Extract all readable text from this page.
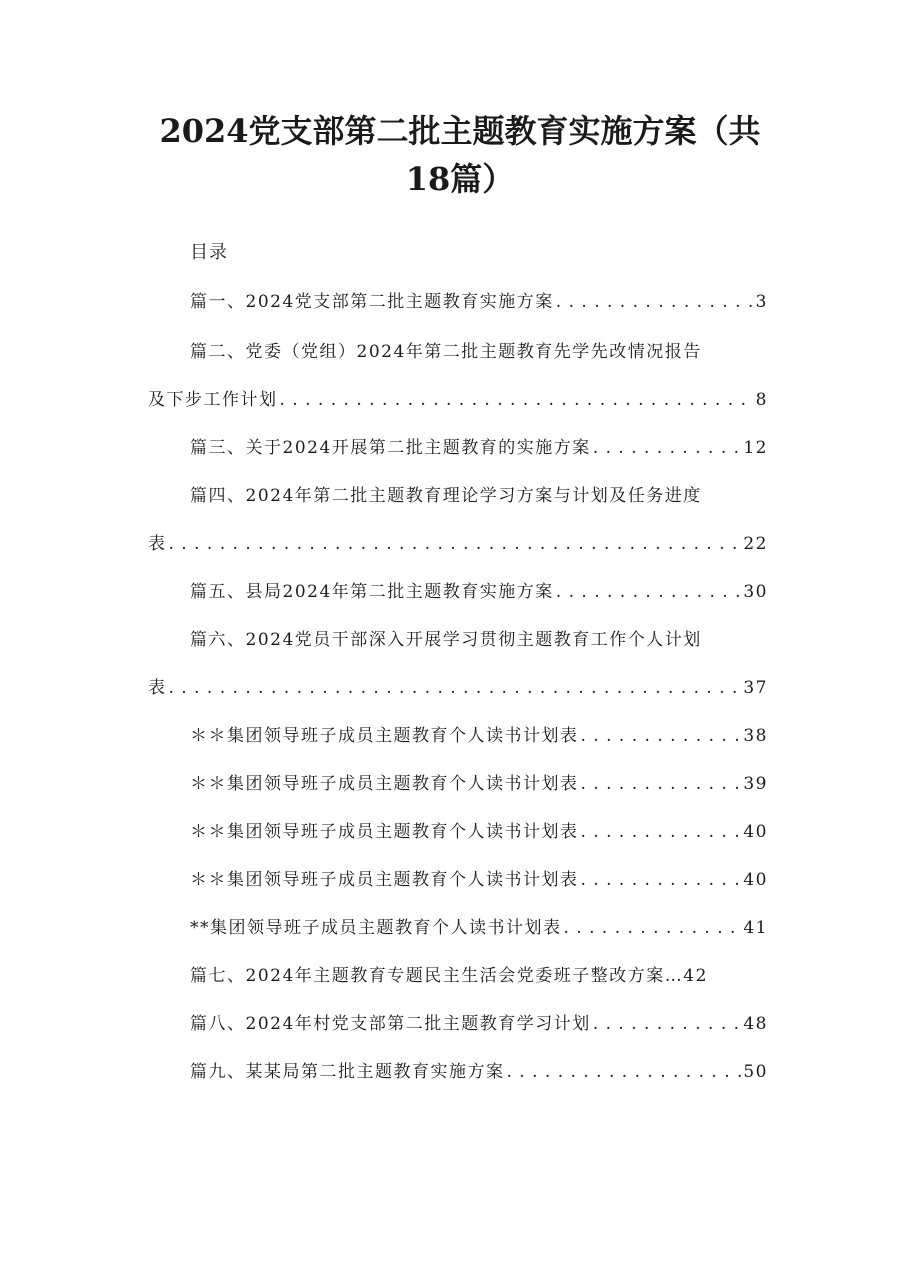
2024党支部第二批主题教育实施方案（共
18篇）
目录
篇一、2024党支部第二批主题教育实施方案 . . .	3
篇二、党委（党组）2024年第二批主题教育先学先改情况报告
及下步工作计划 . . .	8
篇三、关于2024开展第二批主题教育的实施方案 . . .	12
篇四、2024年第二批主题教育理论学习方案与计划及任务进度
表 . . .	22
篇五、县局2024年第二批主题教育实施方案 . . .	30
篇六、2024党员干部深入开展学习贯彻主题教育工作个人计划
表 . . .	37
＊＊集团领导班子成员主题教育个人读书计划表 . . .	38
＊＊集团领导班子成员主题教育个人读书计划表 . . .	39
＊＊集团领导班子成员主题教育个人读书计划表 . . .	40
＊＊集团领导班子成员主题教育个人读书计划表 . . .	40
**集团领导班子成员主题教育个人读书计划表 . . .	41
篇七、2024年主题教育专题民主生活会党委班子整改方案…42
篇八、2024年村党支部第二批主题教育学习计划 . . .	48
篇九、某某局第二批主题教育实施方案 . . .	50
